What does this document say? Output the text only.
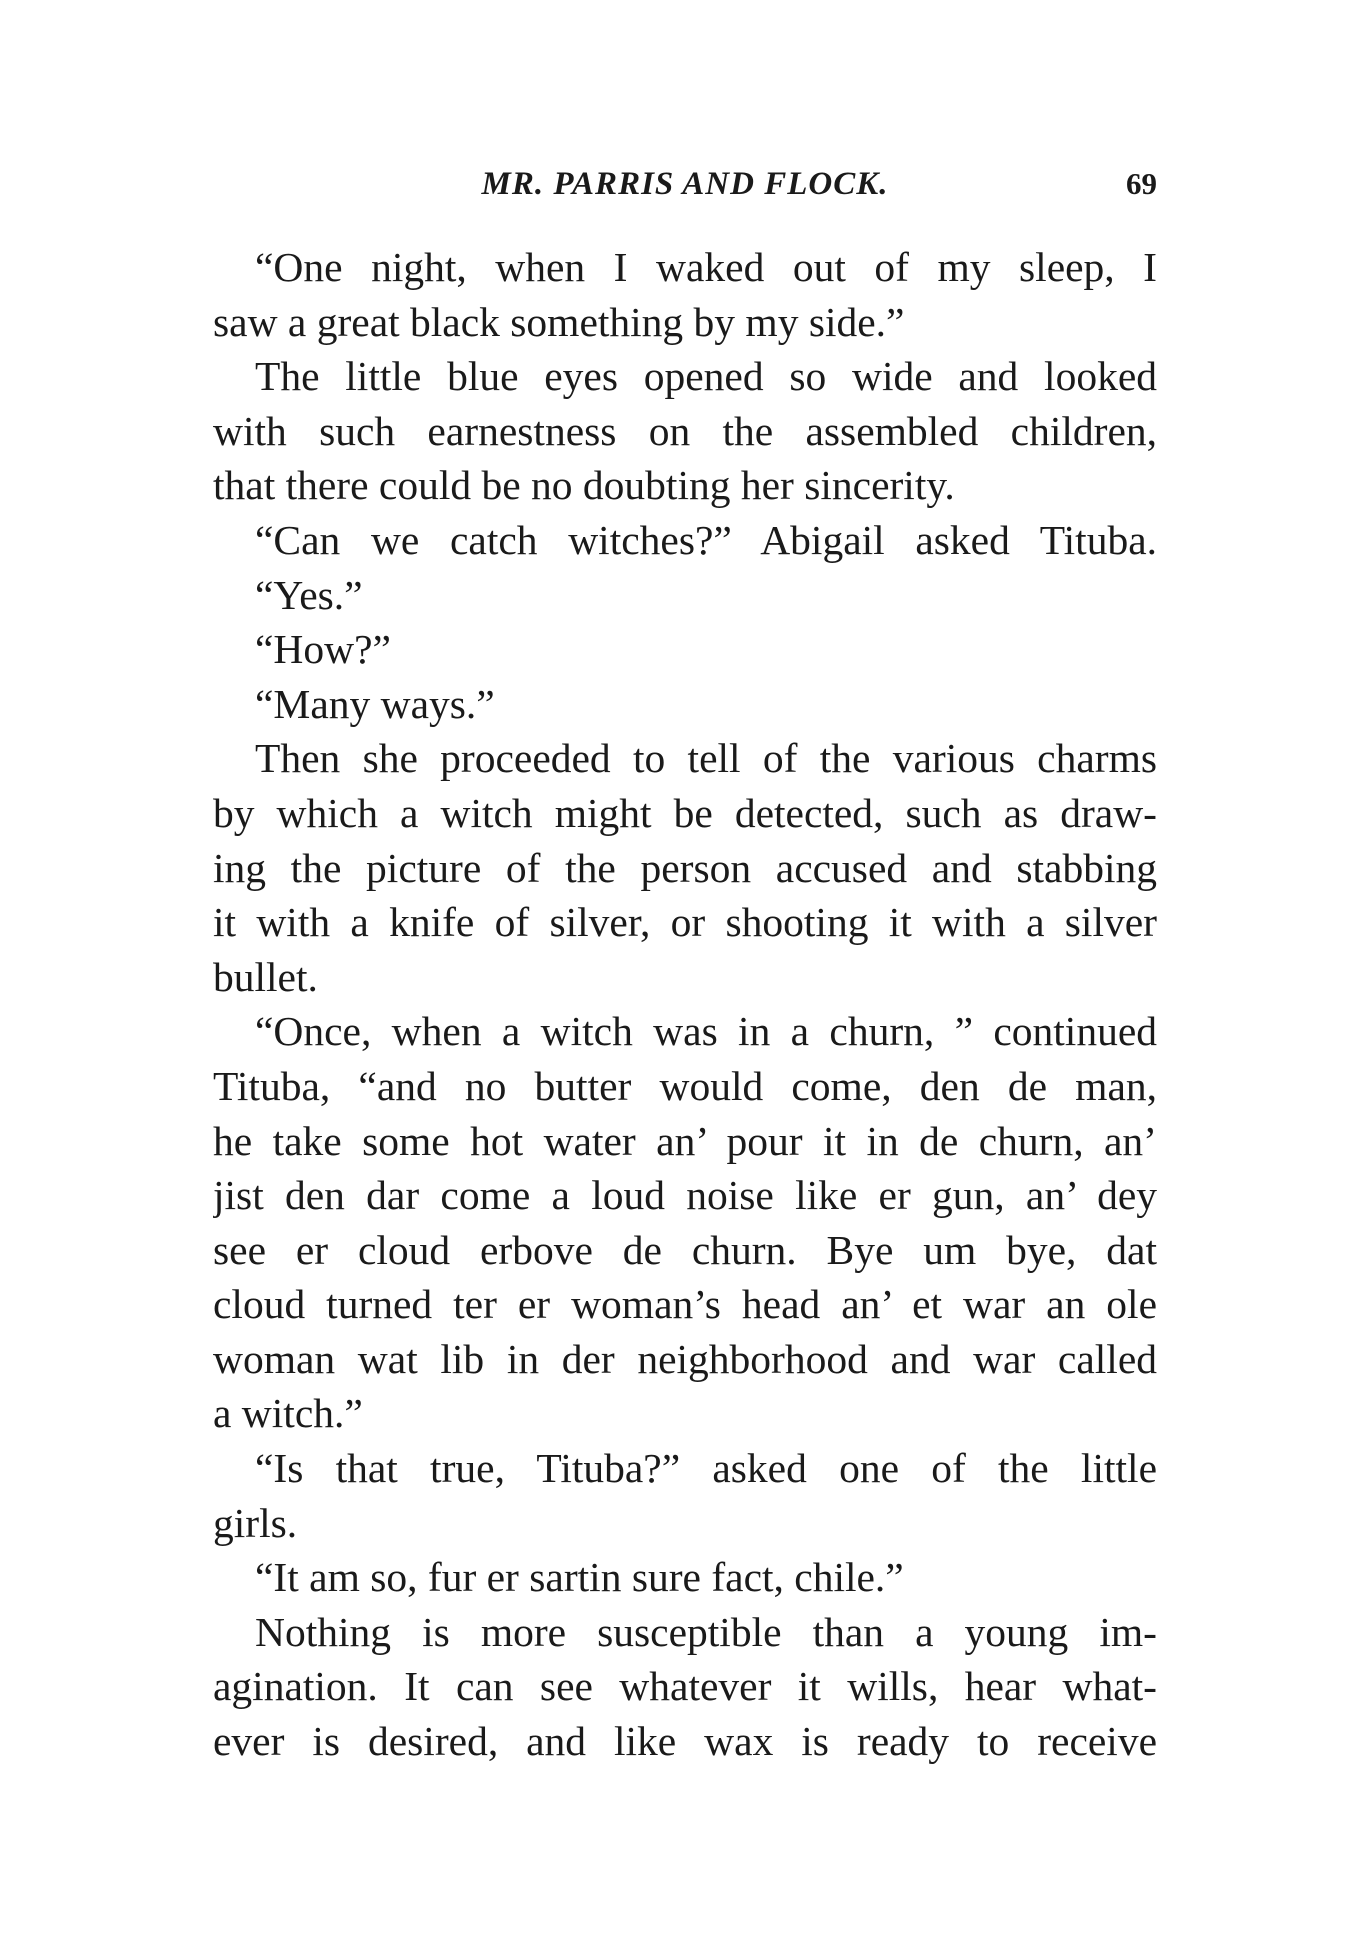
MR. PARRIS AND FLOCK.	69
“One night, when I waked out of my sleep, I
saw a great black something by my side.”
The little blue eyes opened so wide and looked
with such earnestness on the assembled children,
that there could be no doubting her sincerity.
“Can we catch witches?” Abigail asked Tituba.
“Yes.”
“How?”
“Many ways.”
Then she proceeded to tell of the various charms
by which a witch might be detected, such as draw-
ing the picture of the person accused and stabbing
it with a knife of silver, or shooting it with a silver
bullet.
“Once, when a witch was in a churn, ” continued
Tituba, “and no butter would come, den de man,
he take some hot water an’ pour it in de churn, an’
jist den dar come a loud noise like er gun, an’ dey
see er cloud erbove de churn. Bye um bye, dat
cloud turned ter er woman’s head an’ et war an ole
woman wat lib in der neighborhood and war called
a witch.”
“Is that true, Tituba?” asked one of the little
girls.
“It am so, fur er sartin sure fact, chile.”
Nothing is more susceptible than a young im-
agination. It can see whatever it wills, hear what-
ever is desired, and like wax is ready to receive
